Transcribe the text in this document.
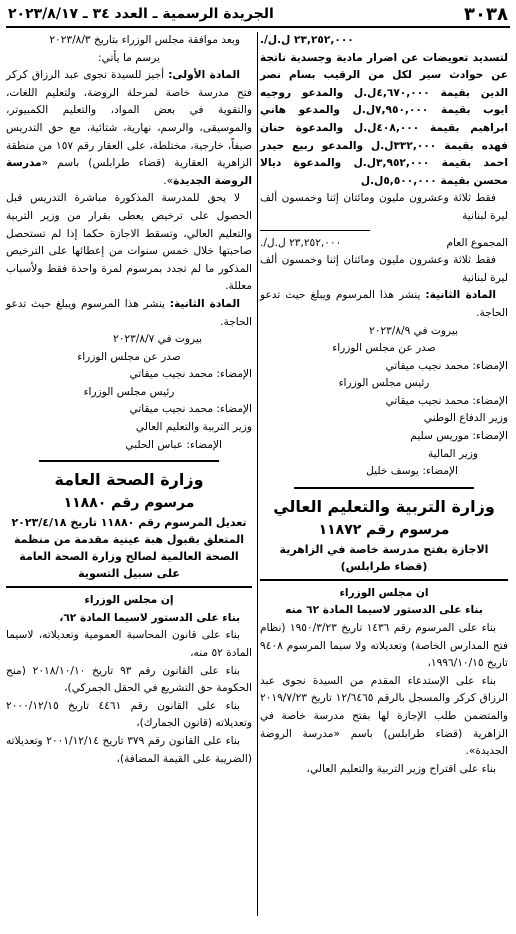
٣٠٣٨
الجريدة الرسمية ـ العدد ٣٤ ـ ٢٠٢٣/٨/١٧

٢٣,٢٥٢,٠٠٠ ل.ل/.

لتسديد تعويضات عن اضرار مادية وجسدية ناتجة عن حوادث سير لكل من الرقيب بسام نصر الدين بقيمة ٤,٦٧٠,٠٠٠ل.ل والمدعو روجيه ايوب بقيمة ٧,٩٥٠,٠٠٠ل.ل والمدعو هاني ابراهيم بقيمة ٤٠٨,٠٠٠ل.ل والمدعوة حنان فهده بقيمة ٣٣٢,٠٠٠ل.ل والمدعو ربيع حيدر احمد بقيمة ٣,٩٥٢,٠٠٠ل.ل والمدعوة ديالا محسن بقيمة ٥,٥٠٠,٠٠٠ل.ل

فقط ثلاثة وعشرون مليون ومائتان إثنا وخمسون ألف ليرة لبنانية

المجموع العام
٢٣,٢٥٢,٠٠٠ ل.ل/.

فقط ثلاثة وعشرون مليون ومائتان إثنا وخمسون ألف ليرة لبنانية

المادة الثانية: ينشر هذا المرسوم ويبلغ حيث تدعو الحاجة.

بيروت في ٢٠٢٣/٨/٩

صدر عن مجلس الوزراء

الإمضاء: محمد نجيب ميقاتي

رئيس مجلس الوزراء

الإمضاء: محمد نجيب ميقاتي

وزير الدفاع الوطني

الإمضاء: موريس سليم

وزير المالية

الإمضاء: يوسف خليل

وزارة التربية والتعليم العالي
مرسوم رقم ١١٨٧٢
الاجازة بفتح مدرسة خاصة في الزاهرية
(قضاء طرابلس)

ان مجلس الوزراء

بناء على الدستور لاسيما المادة ٦٢ منه

بناء على المرسوم رقم ١٤٣٦ تاريخ ١٩٥٠/٣/٢٣ (نظام فتح المدارس الخاصة) وتعديلاته ولا سيما المرسوم ٩٤٠٨ تاريخ ١٩٩٦/١٠/١٥،

بناء على الإستدعاء المقدم من السيدة نجوى عبد الرزاق كركر والمسجل بالرقم ١٢/٦٤٦٥ تاريخ ٢٠١٩/٧/٢٣ والمتضمن طلب الإجازة لها بفتح مدرسة خاصة في الزاهرية (قضاء طرابلس) باسم «مدرسة الروضة الجديدة».

بناء على اقتراح وزير التربية والتعليم العالي،

وبعد موافقة مجلس الوزراء بتاريخ ٢٠٢٣/٨/٣

يرسم ما يأتي:

المادة الأولى: أجيز للسيدة نجوى عبد الرزاق كركر فتح مدرسة خاصة لمرحلة الروضة، ولتعليم اللغات، والتقوية في بعض المواد، والتعليم الكمبيوتر، والموسيقى، والرسم، نهارية، شتائية، مع حق التدريس صيفاً، خارجية، مختلطة، على العقار رقم ١٥٧ من منطقة الزاهرية العقارية (قضاء طرابلس) باسم «مدرسة الروضة الجديدة».

لا يحق للمدرسة المذكورة مباشرة التدريس قبل الحصول على ترخيص يعطى بقرار من وزير التربية والتعليم العالي، وتسقط الاجازة حكما إذا لم تستحصل صاحبتها خلال خمس سنوات من إعطائها على الترخيص المذكور ما لم تجدد بمرسوم لمرة واحدة فقط ولأسباب معللة.

المادة الثانية: ينشر هذا المرسوم ويبلغ حيث تدعو الحاجة.

بيروت في ٢٠٢٣/٨/٧

صدر عن مجلس الوزراء

الإمضاء: محمد نجيب ميقاتي

رئيس مجلس الوزراء

الإمضاء: محمد نجيب ميقاتي

وزير التربية والتعليم العالي

الإمضاء: عباس الحلبي

وزارة الصحة العامة
مرسوم رقم ١١٨٨٠
تعديل المرسوم رقم ١١٨٨٠ تاريخ ٢٠٢٣/٤/١٨ المتعلق بقبول هبة عينية مقدمة من منظمة الصحة العالمية لصالح وزارة الصحة العامة على سبيل التسوية

إن مجلس الوزراء

بناء على الدستور لاسيما المادة ٦٢،

بناء على قانون المحاسبة العمومية وتعديلاته، لاسيما المادة ٥٢ منه،

بناء على القانون رقم ٩٣ تاريخ ٢٠١٨/١٠/١٠ (منح الحكومة حق التشريع في الحقل الجمركي)،

بناء على القانون رقم ٤٤٦١ تاريخ ٢٠٠٠/١٢/١٥ وتعديلاته (قانون الجمارك)،

بناء على القانون رقم ٣٧٩ تاريخ ٢٠٠١/١٢/١٤ وتعديلاته (الضريبة على القيمة المضافة)،
